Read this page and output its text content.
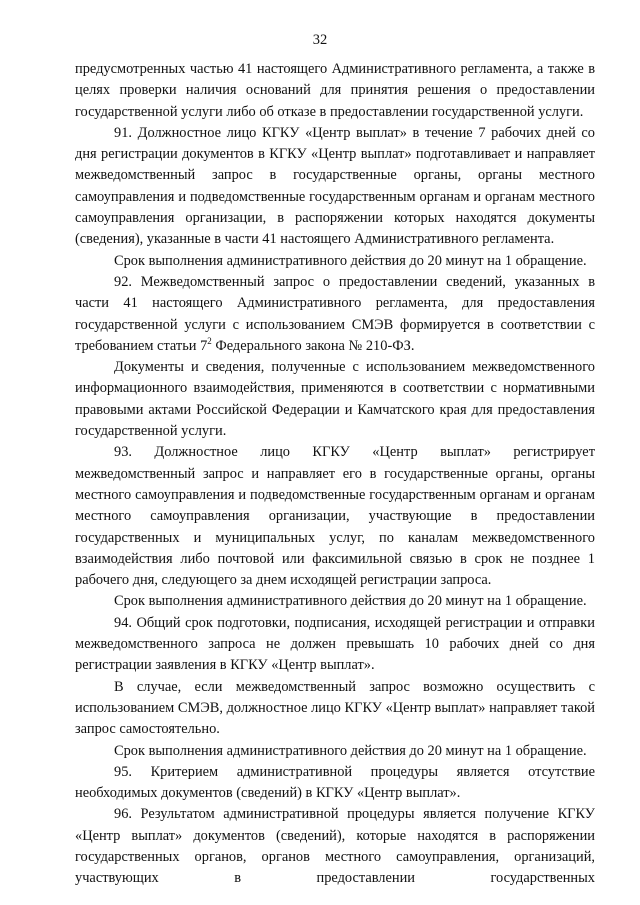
32

предусмотренных частью 41 настоящего Административного регламента, а также в целях проверки наличия оснований для принятия решения о предоставлении государственной услуги либо об отказе в предоставлении государственной услуги.

91. Должностное лицо КГКУ «Центр выплат» в течение 7 рабочих дней со дня регистрации документов в КГКУ «Центр выплат» подготавливает и направляет межведомственный запрос в государственные органы, органы местного самоуправления и подведомственные государственным органам и органам местного самоуправления организации, в распоряжении которых находятся документы (сведения), указанные в части 41 настоящего Административного регламента.

Срок выполнения административного действия до 20 минут на 1 обращение.

92. Межведомственный запрос о предоставлении сведений, указанных в части 41 настоящего Административного регламента, для предоставления государственной услуги с использованием СМЭВ формируется в соответствии с требованием статьи $7^2$ Федерального закона № 210-ФЗ.

Документы и сведения, полученные с использованием межведомственного информационного взаимодействия, применяются в соответствии с нормативными правовыми актами Российской Федерации и Камчатского края для предоставления государственной услуги.

93. Должностное лицо КГКУ «Центр выплат» регистрирует межведомственный запрос и направляет его в государственные органы, органы местного самоуправления и подведомственные государственным органам и органам местного самоуправления организации, участвующие в предоставлении государственных и муниципальных услуг, по каналам межведомственного взаимодействия либо почтовой или факсимильной связью в срок не позднее 1 рабочего дня, следующего за днем исходящей регистрации запроса.

Срок выполнения административного действия до 20 минут на 1 обращение.

94. Общий срок подготовки, подписания, исходящей регистрации и отправки межведомственного запроса не должен превышать 10 рабочих дней со дня регистрации заявления в КГКУ «Центр выплат».

В случае, если межведомственный запрос возможно осуществить с использованием СМЭВ, должностное лицо КГКУ «Центр выплат» направляет такой запрос самостоятельно.

Срок выполнения административного действия до 20 минут на 1 обращение.

95. Критерием административной процедуры является отсутствие необходимых документов (сведений) в КГКУ «Центр выплат».

96. Результатом административной процедуры является получение КГКУ «Центр выплат» документов (сведений), которые находятся в распоряжении государственных органов, органов местного самоуправления, организаций, участвующих в предоставлении государственных
